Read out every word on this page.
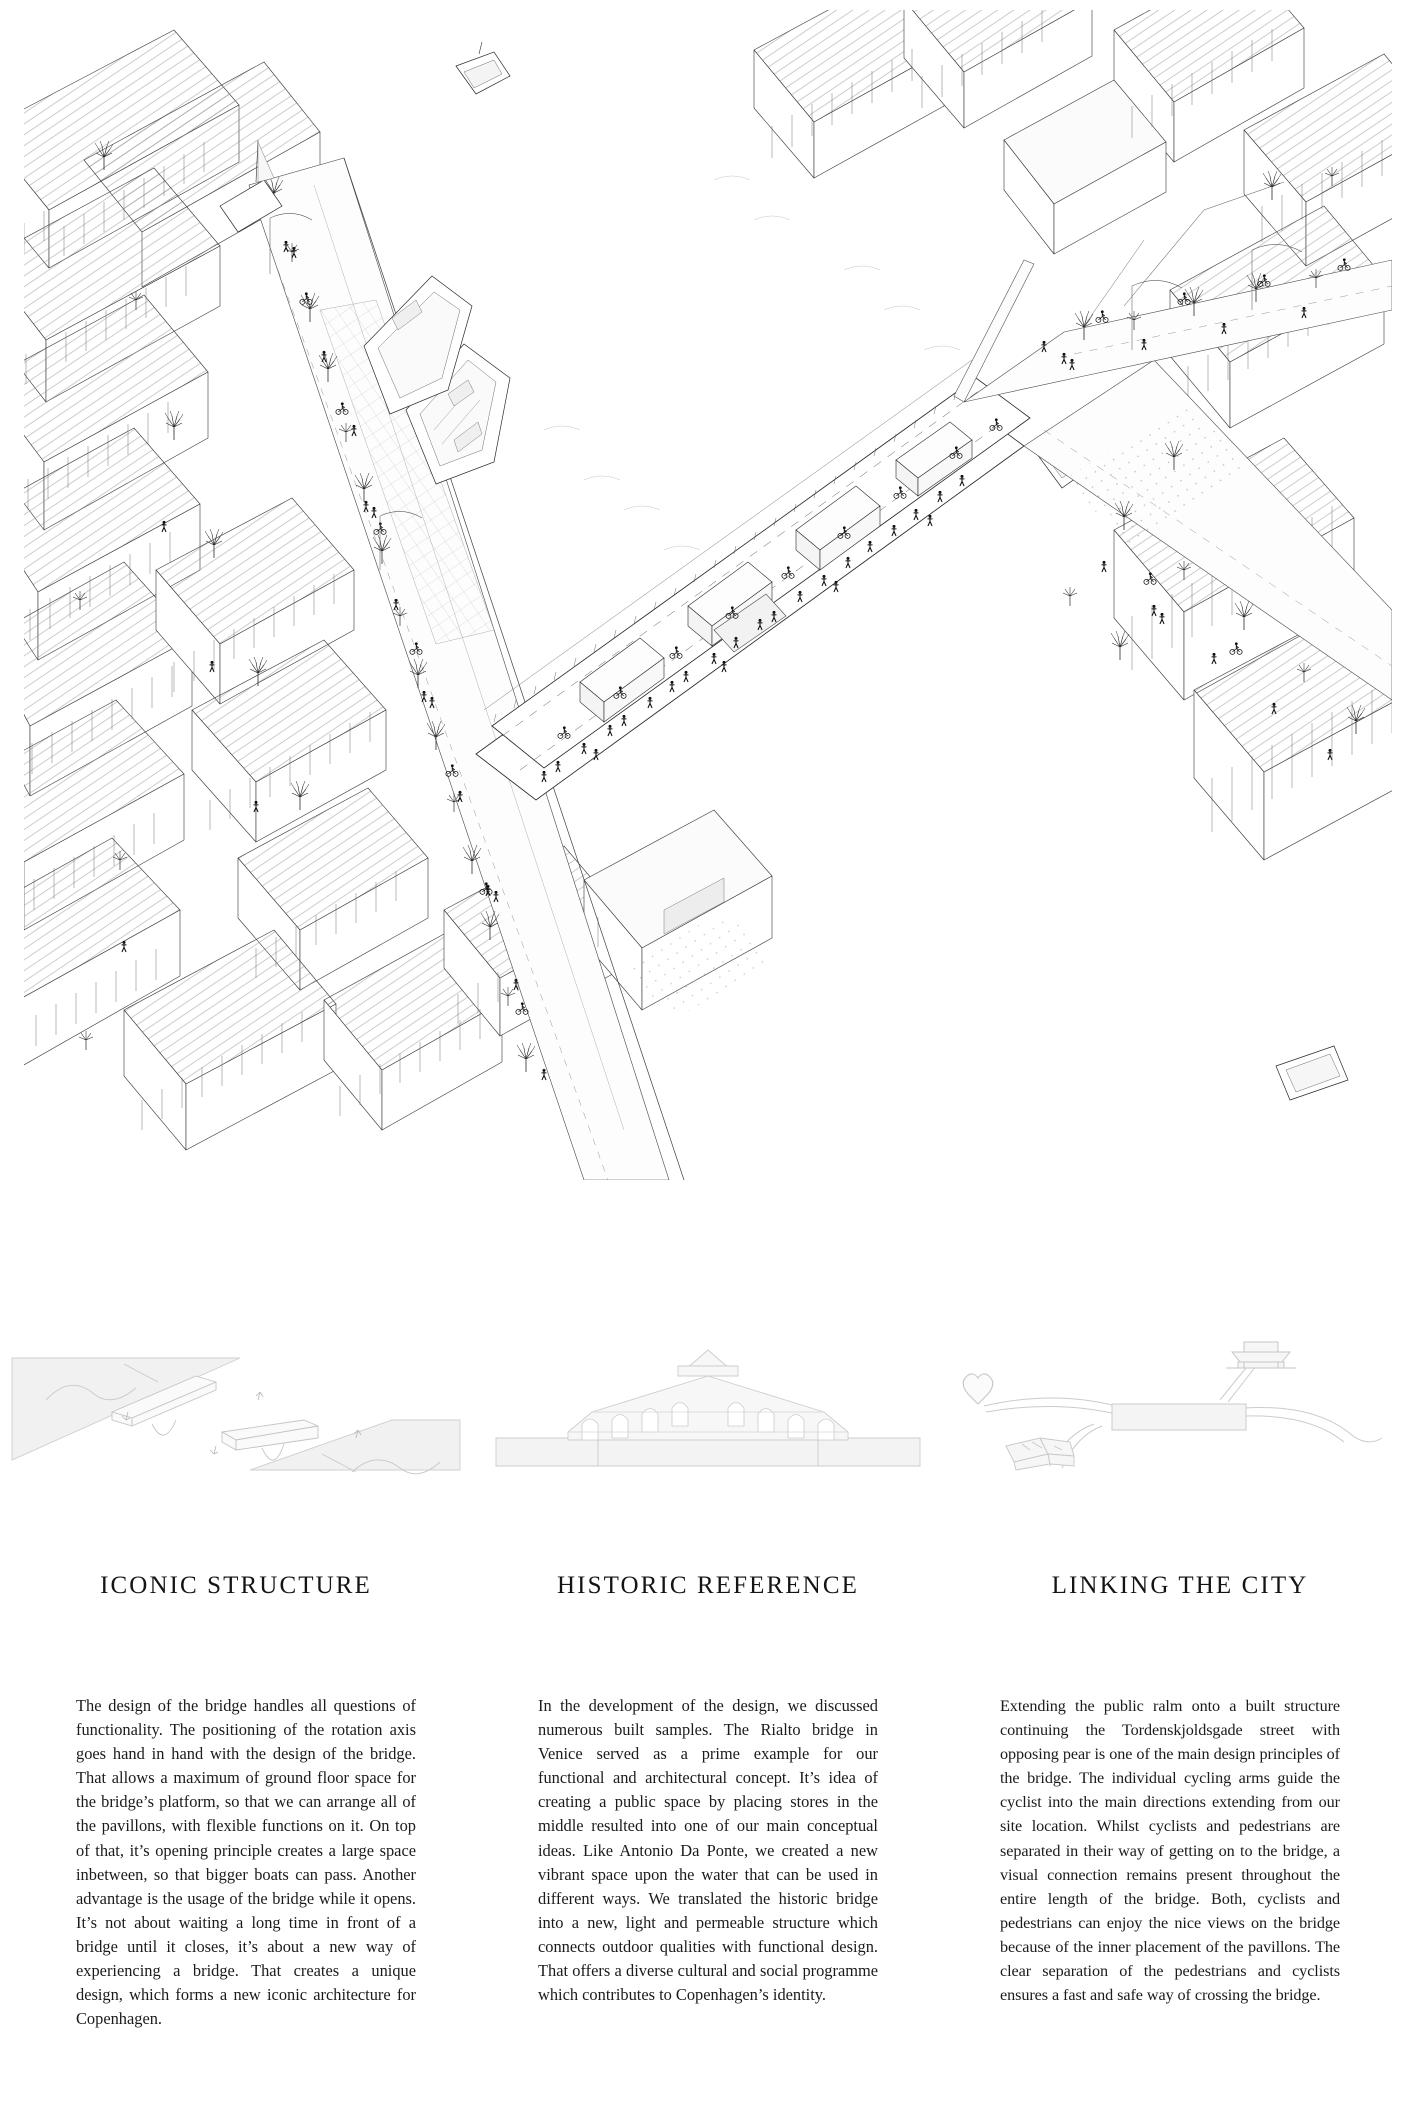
ICONIC STRUCTURE	HISTORIC REFERENCE	LINKING THE CITY

The design of the bridge handles all questions of functionality. The positioning of the rotation axis goes hand in hand with the design of the bridge. That allows a maximum of ground floor space for the bridge’s platform, so that we can arrange all of the pavillons, with flexible functions on it. On top of that, it’s opening principle creates a large space inbetween, so that bigger boats can pass. Another advantage is the usage of the bridge while it opens. It’s not about waiting a long time in front of a bridge until it closes, it’s about a new way of experiencing a bridge. That creates a unique design, which forms a new iconic architecture for Copenhagen.

In the development of the design, we discussed numerous built samples. The Rialto bridge in Venice served as a prime example for our functional and architectural concept. It’s idea of creating a public space by placing stores in the middle resulted into one of our main conceptual ideas. Like Antonio Da Ponte, we created a new vibrant space upon the water that can be used in different ways. We translated the historic bridge into a new, light and permeable structure which connects outdoor qualities with functional design. That offers a diverse cultural and social programme which contributes to Copenhagen’s identity.

Extending the public ralm onto a built structure continuing the Tordenskjoldsgade street with opposing pear is one of the main design principles of the bridge. The individual cycling arms guide the cyclist into the main directions extending from our site location. Whilst cyclists and pedestrians are separated in their way of getting on to the bridge, a visual connection remains present throughout the entire length of the bridge. Both, cyclists and pedestrians can enjoy the nice views on the bridge because of the inner placement of the pavillons. The clear separation of the pedestrians and cyclists ensures a fast and safe way of crossing the bridge.
